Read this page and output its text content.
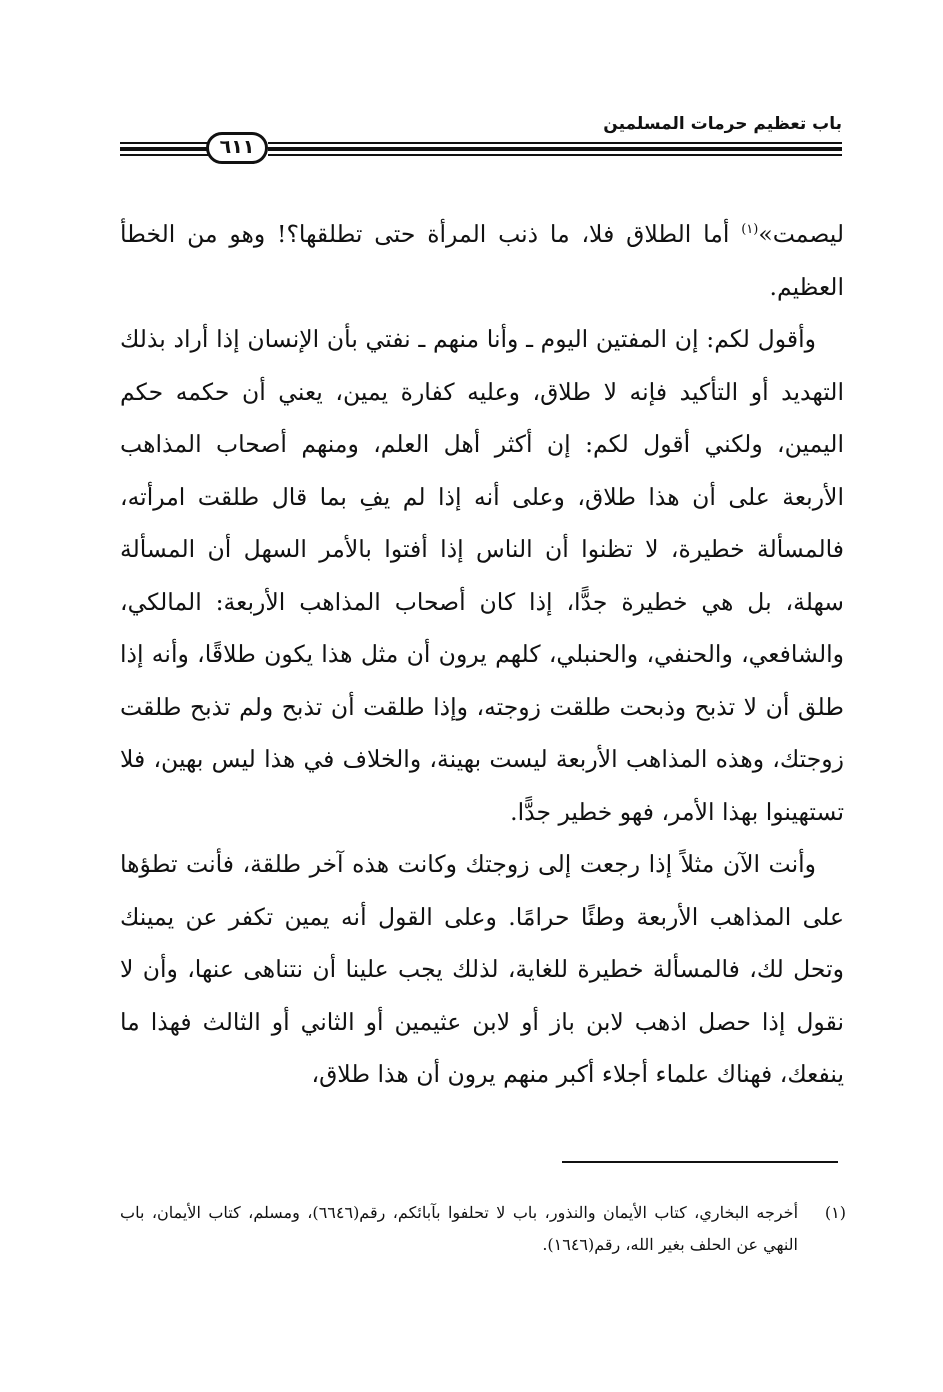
باب تعظيم حرمات المسلمين
٦١١

ليصمت»$^{(١)}$ أما الطلاق فلا، ما ذنب المرأة حتى تطلقها؟! وهو من الخطأ العظيم.

وأقول لكم: إن المفتين اليوم ـ وأنا منهم ـ نفتي بأن الإنسان إذا أراد بذلك التهديد أو التأكيد فإنه لا طلاق، وعليه كفارة يمين، يعني أن حكمه حكم اليمين، ولكني أقول لكم: إن أكثر أهل العلم، ومنهم أصحاب المذاهب الأربعة على أن هذا طلاق، وعلى أنه إذا لم يفِ بما قال طلقت امرأته، فالمسألة خطيرة، لا تظنوا أن الناس إذا أفتوا بالأمر السهل أن المسألة سهلة، بل هي خطيرة جدًّا، إذا كان أصحاب المذاهب الأربعة: المالكي، والشافعي، والحنفي، والحنبلي، كلهم يرون أن مثل هذا يكون طلاقًا، وأنه إذا طلق أن لا تذبح وذبحت طلقت زوجته، وإذا طلقت أن تذبح ولم تذبح طلقت زوجتك، وهذه المذاهب الأربعة ليست بهينة، والخلاف في هذا ليس بهين، فلا تستهينوا بهذا الأمر، فهو خطير جدًّا.

وأنت الآن مثلاً إذا رجعت إلى زوجتك وكانت هذه آخر طلقة، فأنت تطؤها على المذاهب الأربعة وطئًا حرامًا. وعلى القول أنه يمين تكفر عن يمينك وتحل لك، فالمسألة خطيرة للغاية، لذلك يجب علينا أن نتناهى عنها، وأن لا نقول إذا حصل اذهب لابن باز أو لابن عثيمين أو الثاني أو الثالث فهذا ما ينفعك، فهناك علماء أجلاء أكبر منهم يرون أن هذا طلاق،

(١)
أخرجه البخاري، كتاب الأيمان والنذور، باب لا تحلفوا بآبائكم، رقم(٦٦٤٦)، ومسلم، كتاب الأيمان، باب النهي عن الحلف بغير الله، رقم(١٦٤٦).
